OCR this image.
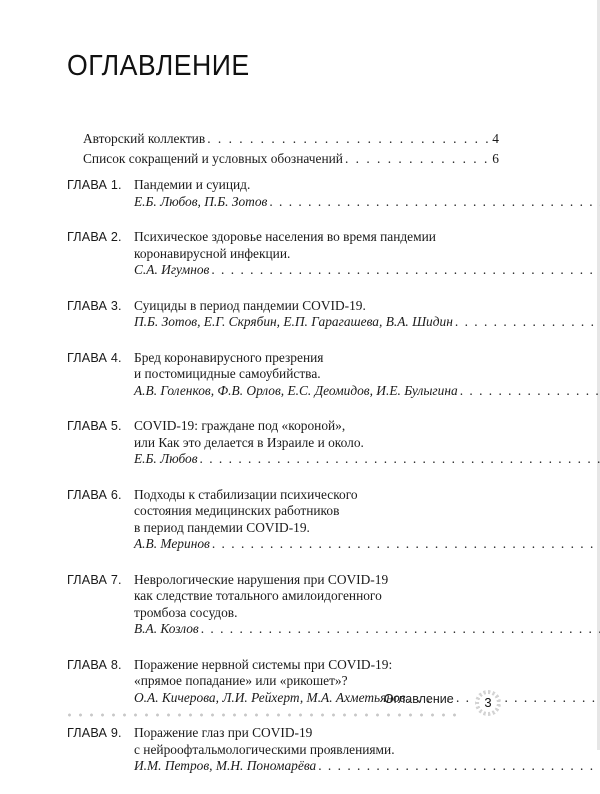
ОГЛАВЛЕНИЕ
Авторский коллектив . . .	4
Список сокращений и условных обозначений . . .	6
ГЛАВА 1. Пандемии и суицид.
Е.Б. Любов, П.Б. Зотов
. . .
ГЛАВА 2. Психическое здоровье населения во время пандемии
коронавирусной инфекции.
С.А. Игумнов
. . .
ГЛАВА 3. Суициды в период пандемии COVID-19.
П.Б. Зотов, Е.Г. Скрябин, Е.П. Гарагашева, В.А. Шидин
. . .
ГЛАВА 4. Бред коронавирусного презрения
и постомицидные самоубийства.
А.В. Голенков, Ф.В. Орлов, Е.С. Деомидов, И.Е. Булыгина
. . .
ГЛАВА 5. COVID-19: граждане под «короной»,
или Как это делается в Израиле и около.
Е.Б. Любов
. . .
ГЛАВА 6. Подходы к стабилизации психического
состояния медицинских работников
в период пандемии COVID-19.
А.В. Меринов
. . .
ГЛАВА 7. Неврологические нарушения при COVID-19
как следствие тотального амилоидогенного
тромбоза сосудов.
В.А. Козлов
. . .
ГЛАВА 8. Поражение нервной системы при COVID-19:
«прямое попадание» или «рикошет»?
О.А. Кичерова, Л.И. Рейхерт, М.А. Ахметьянов
. . .
ГЛАВА 9. Поражение глаз при COVID-19
с нейроофтальмологическими проявлениями.
И.М. Петров, М.Н. Пономарёва
. . .
Оглавление	3
